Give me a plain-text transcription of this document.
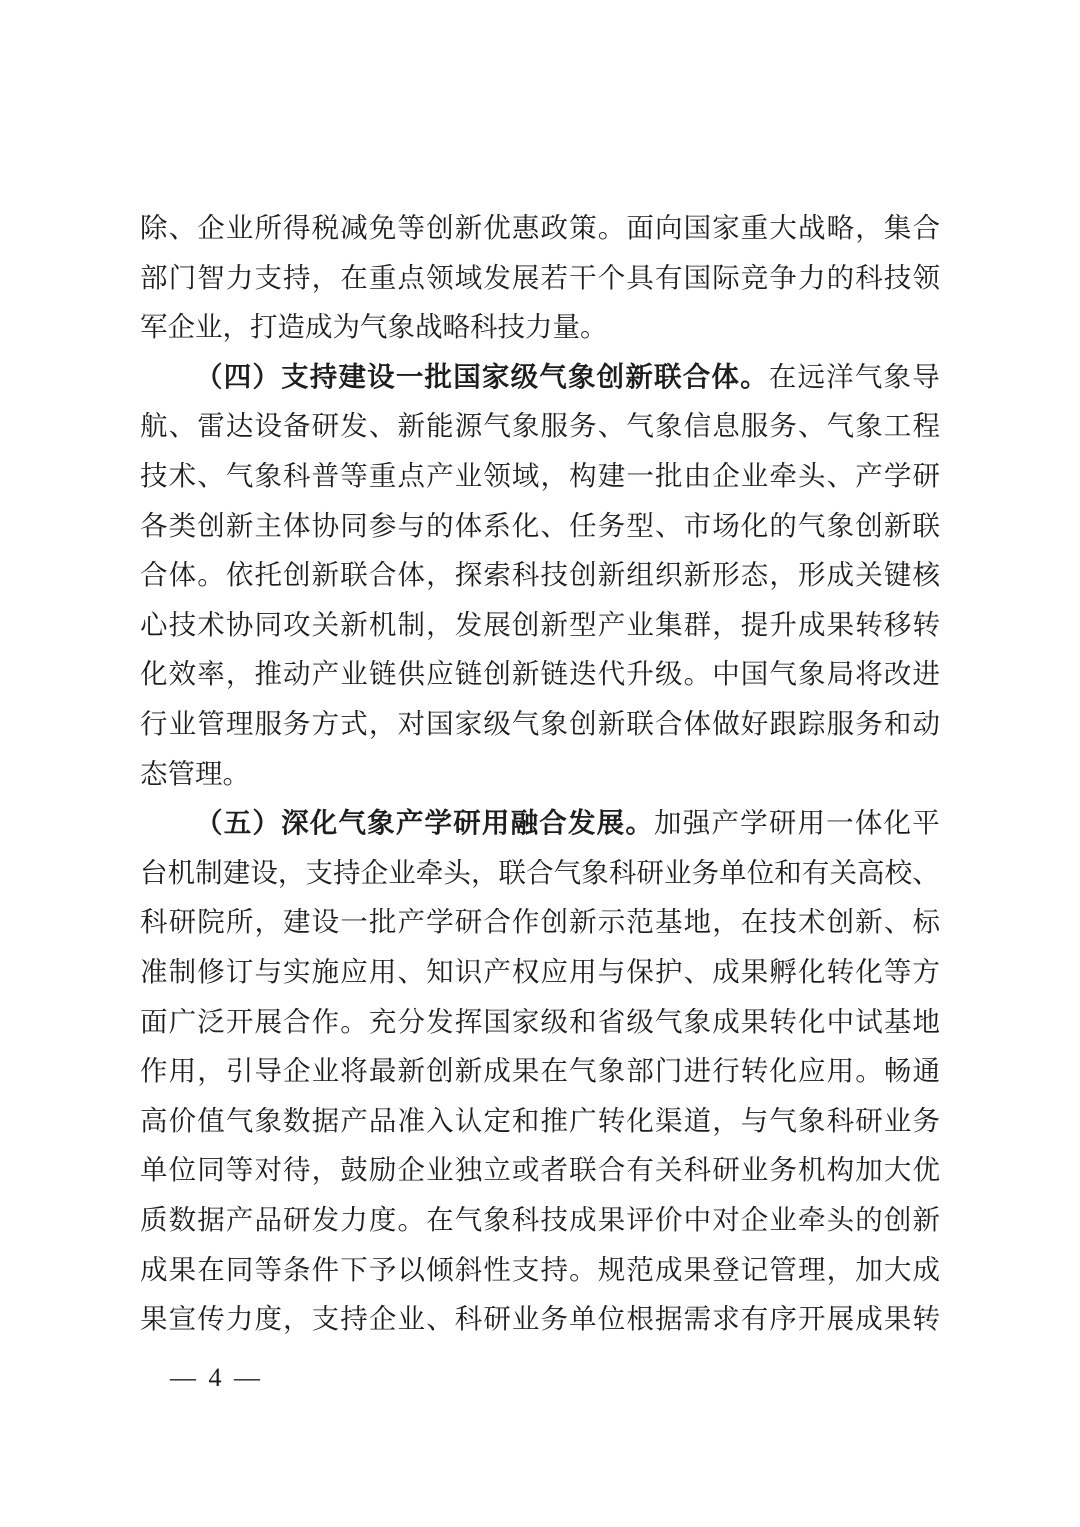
除 、 企 业 所 得 税 减 免 等 创 新 优 惠 政 策 。 面 向 国 家 重 大 战 略 ， 集 合
部 门 智 力 支 持 ， 在 重 点 领 域 发 展 若 干 个 具 有 国 际 竞 争 力 的 科 技 领
军 企 业 ， 打 造 成 为 气 象 战 略 科 技 力 量 。
（ 四 ） 支 持 建 设 一 批 国 家 级 气 象 创 新 联 合 体 。 在 远 洋 气 象 导
航 、 雷 达 设 备 研 发 、 新 能 源 气 象 服 务 、 气 象 信 息 服 务 、 气 象 工 程
技 术 、 气 象 科 普 等 重 点 产 业 领 域 ， 构 建 一 批 由 企 业 牵 头 、 产 学 研
各 类 创 新 主 体 协 同 参 与 的 体 系 化 、 任 务 型 、 市 场 化 的 气 象 创 新 联
合 体 。 依 托 创 新 联 合 体 ， 探 索 科 技 创 新 组 织 新 形 态 ， 形 成 关 键 核
心 技 术 协 同 攻 关 新 机 制 ， 发 展 创 新 型 产 业 集 群 ， 提 升 成 果 转 移 转
化 效 率 ， 推 动 产 业 链 供 应 链 创 新 链 迭 代 升 级 。 中 国 气 象 局 将 改 进
行 业 管 理 服 务 方 式 ， 对 国 家 级 气 象 创 新 联 合 体 做 好 跟 踪 服 务 和 动
态 管 理 。
（ 五 ） 深 化 气 象 产 学 研 用 融 合 发 展 。 加 强 产 学 研 用 一 体 化 平
台 机 制 建 设 ， 支 持 企 业 牵 头 ， 联 合 气 象 科 研 业 务 单 位 和 有 关 高 校 、
科 研 院 所 ， 建 设 一 批 产 学 研 合 作 创 新 示 范 基 地 ， 在 技 术 创 新 、 标
准 制 修 订 与 实 施 应 用 、 知 识 产 权 应 用 与 保 护 、 成 果 孵 化 转 化 等 方
面 广 泛 开 展 合 作 。 充 分 发 挥 国 家 级 和 省 级 气 象 成 果 转 化 中 试 基 地
作 用 ， 引 导 企 业 将 最 新 创 新 成 果 在 气 象 部 门 进 行 转 化 应 用 。 畅 通
高 价 值 气 象 数 据 产 品 准 入 认 定 和 推 广 转 化 渠 道 ， 与 气 象 科 研 业 务
单 位 同 等 对 待 ， 鼓 励 企 业 独 立 或 者 联 合 有 关 科 研 业 务 机 构 加 大 优
质 数 据 产 品 研 发 力 度 。 在 气 象 科 技 成 果 评 价 中 对 企 业 牵 头 的 创 新
成 果 在 同 等 条 件 下 予 以 倾 斜 性 支 持 。 规 范 成 果 登 记 管 理 ， 加 大 成
果 宣 传 力 度 ， 支 持 企 业 、 科 研 业 务 单 位 根 据 需 求 有 序 开 展 成 果 转
— 4 —
